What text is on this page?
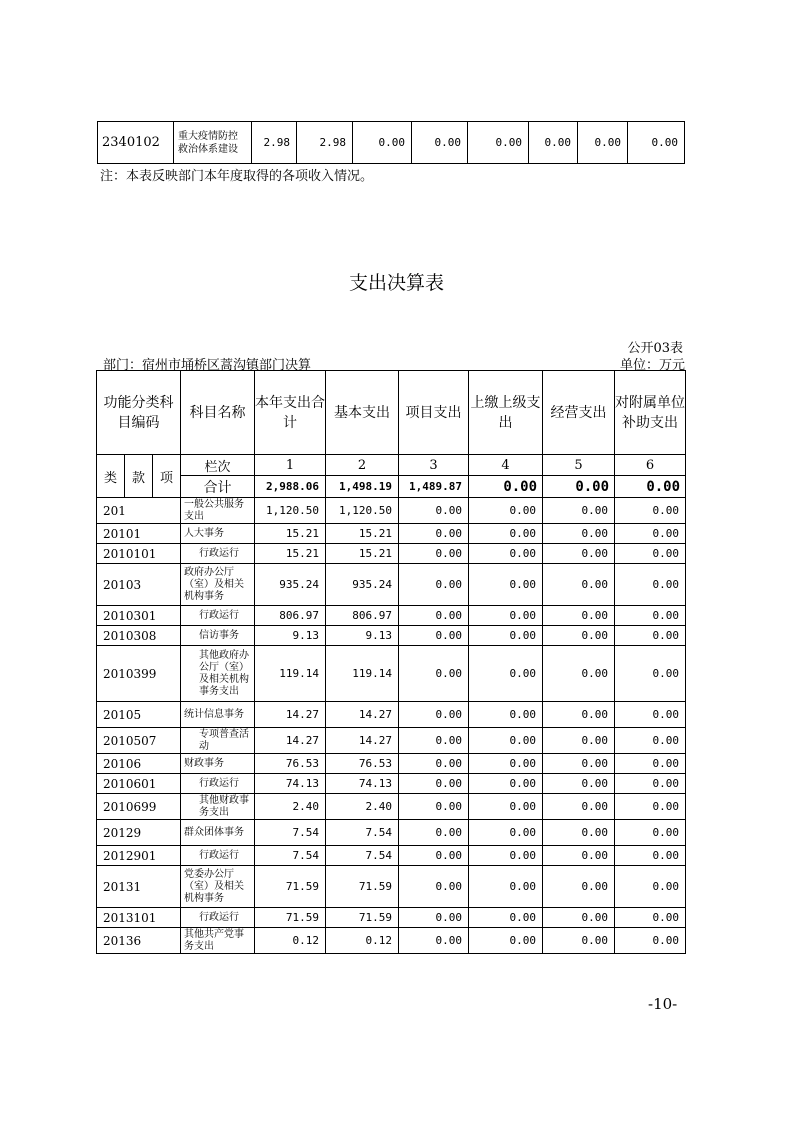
2340102	重大疫情防控救治体系建设	2.98	2.98	0.00	0.00	0.00	0.00	0.00	0.00
注：本表反映部门本年度取得的各项收入情况。
支出决算表
公开03表
部门：宿州市埇桥区蒿沟镇部门决算	单位：万元
功能分类科目编码			科目名称	本年支出合计	基本支出	项目支出	上缴上级支出	经营支出	对附属单位补助支出

类	款	项	栏次	1	2	3	4	5	6
			合计	2,988.06	1,498.19	1,489.87	0.00	0.00	0.00
201			一般公共服务支出	1,120.50	1,120.50	0.00	0.00	0.00	0.00
20101			人大事务	15.21	15.21	0.00	0.00	0.00	0.00
2010101			行政运行	15.21	15.21	0.00	0.00	0.00	0.00
20103			政府办公厅（室）及相关机构事务	935.24	935.24	0.00	0.00	0.00	0.00
2010301			行政运行	806.97	806.97	0.00	0.00	0.00	0.00
2010308			信访事务	9.13	9.13	0.00	0.00	0.00	0.00
2010399			其他政府办公厅（室）及相关机构事务支出	119.14	119.14	0.00	0.00	0.00	0.00
20105			统计信息事务	14.27	14.27	0.00	0.00	0.00	0.00
2010507			专项普查活动	14.27	14.27	0.00	0.00	0.00	0.00
20106			财政事务	76.53	76.53	0.00	0.00	0.00	0.00
2010601			行政运行	74.13	74.13	0.00	0.00	0.00	0.00
2010699			其他财政事务支出	2.40	2.40	0.00	0.00	0.00	0.00
20129			群众团体事务	7.54	7.54	0.00	0.00	0.00	0.00
2012901			行政运行	7.54	7.54	0.00	0.00	0.00	0.00
20131			党委办公厅（室）及相关机构事务	71.59	71.59	0.00	0.00	0.00	0.00
2013101			行政运行	71.59	71.59	0.00	0.00	0.00	0.00
20136			其他共产党事务支出	0.12	0.12	0.00	0.00	0.00	0.00
-10-
